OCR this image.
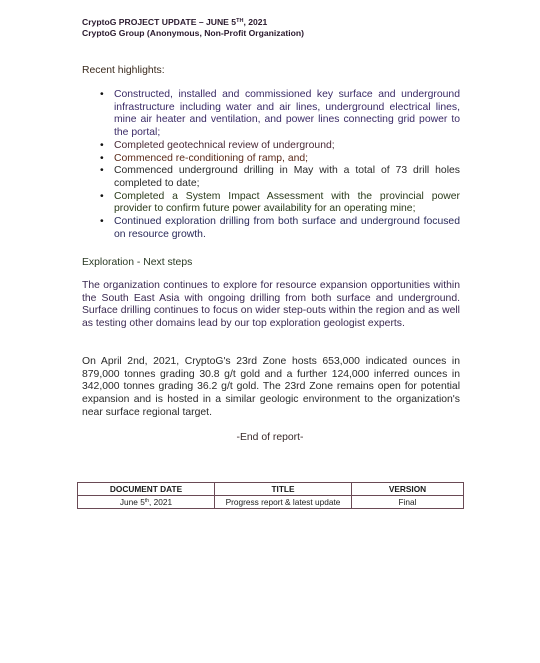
CryptoG PROJECT UPDATE – JUNE 5TH, 2021
CryptoG Group (Anonymous, Non-Profit Organization)
Recent highlights:
• Constructed, installed and commissioned key surface and underground infrastructure including water and air lines, underground electrical lines, mine air heater and ventilation, and power lines connecting grid power to the portal;
• Completed geotechnical review of underground;
• Commenced re-conditioning of ramp, and;
• Commenced underground drilling in May with a total of 73 drill holes completed to date;
• Completed a System Impact Assessment with the provincial power provider to confirm future power availability for an operating mine;
• Continued exploration drilling from both surface and underground focused on resource growth.
Exploration - Next steps
The organization continues to explore for resource expansion opportunities within the South East Asia with ongoing drilling from both surface and underground. Surface drilling continues to focus on wider step-outs within the region and as well as testing other domains lead by our top exploration geologist experts.
On April 2nd, 2021, CryptoG's 23rd Zone hosts 653,000 indicated ounces in 879,000 tonnes grading 30.8 g/t gold and a further 124,000 inferred ounces in 342,000 tonnes grading 36.2 g/t gold. The 23rd Zone remains open for potential expansion and is hosted in a similar geologic environment to the organization's near surface regional target.
-End of report-
DOCUMENT DATE	TITLE	VERSION
June 5th, 2021	Progress report & latest update	Final
